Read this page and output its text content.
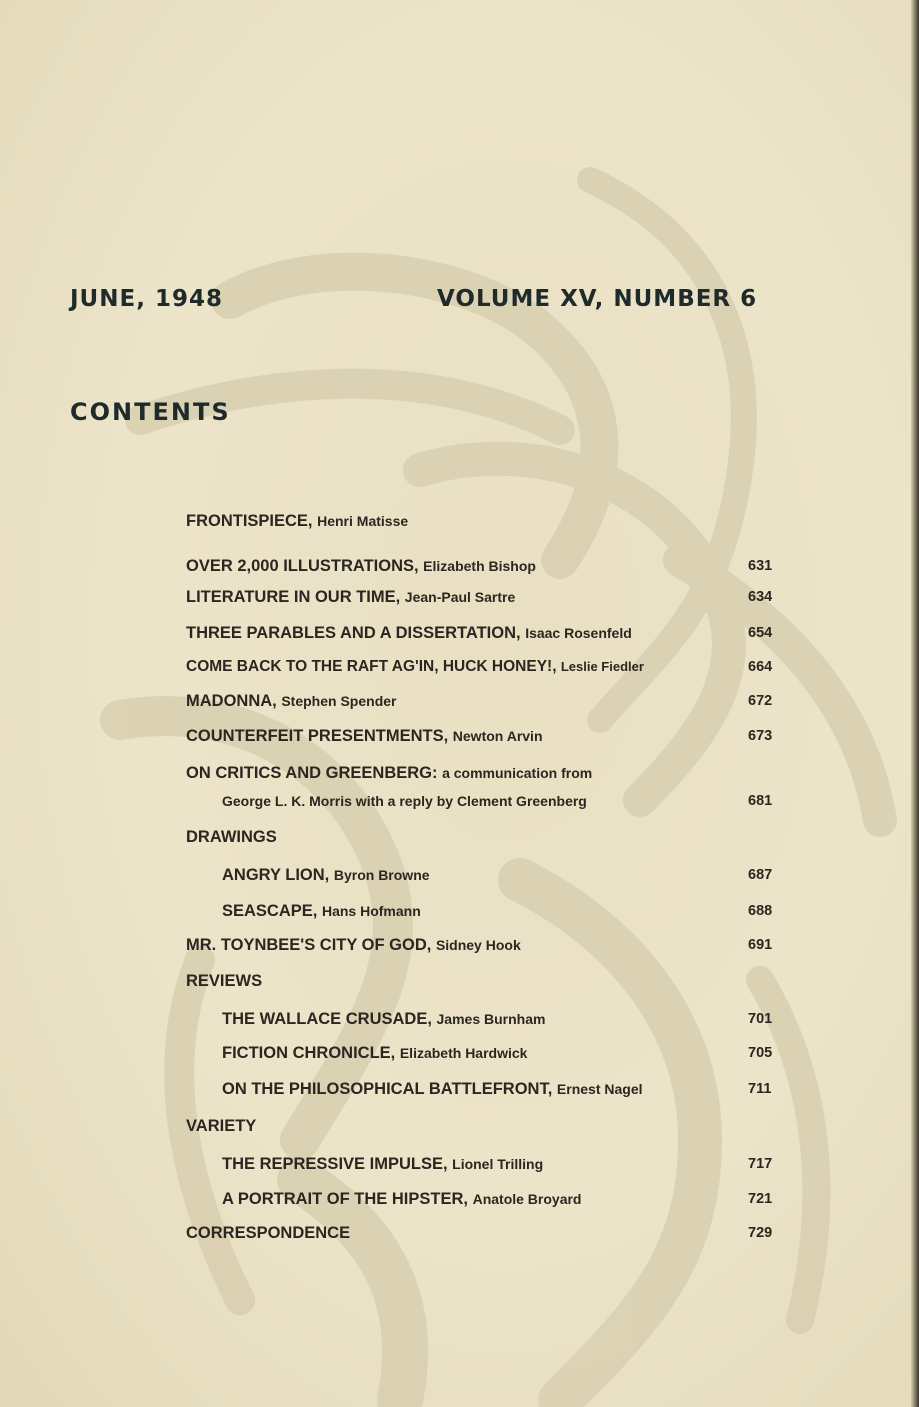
JUNE, 1948	VOLUME XV, NUMBER 6
CONTENTS
FRONTISPIECE, Henri Matisse
OVER 2,000 ILLUSTRATIONS, Elizabeth Bishop	631
LITERATURE IN OUR TIME, Jean-Paul Sartre	634
THREE PARABLES AND A DISSERTATION, Isaac Rosenfeld	654
COME BACK TO THE RAFT AG'IN, HUCK HONEY!, Leslie Fiedler	664
MADONNA, Stephen Spender	672
COUNTERFEIT PRESENTMENTS, Newton Arvin	673
ON CRITICS AND GREENBERG: a communication from
George L. K. Morris with a reply by Clement Greenberg	681
DRAWINGS
ANGRY LION, Byron Browne	687
SEASCAPE, Hans Hofmann	688
MR. TOYNBEE'S CITY OF GOD, Sidney Hook	691
REVIEWS
THE WALLACE CRUSADE, James Burnham	701
FICTION CHRONICLE, Elizabeth Hardwick	705
ON THE PHILOSOPHICAL BATTLEFRONT, Ernest Nagel	711
VARIETY
THE REPRESSIVE IMPULSE, Lionel Trilling	717
A PORTRAIT OF THE HIPSTER, Anatole Broyard	721
CORRESPONDENCE	729
